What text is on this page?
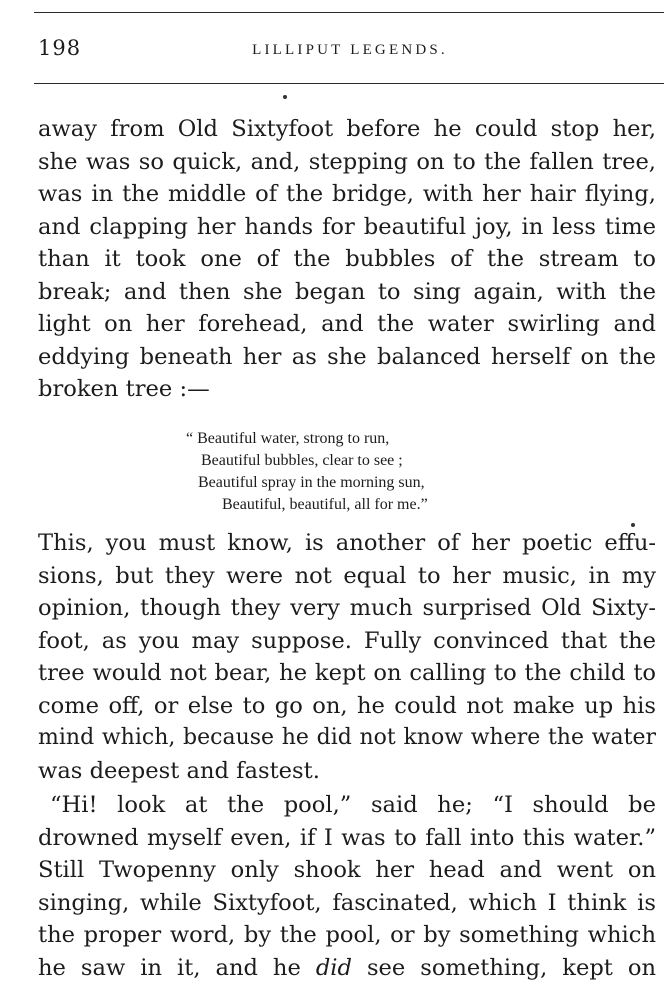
198	LILLIPUT LEGENDS.
away from Old Sixtyfoot before he could stop her,
she was so quick, and, stepping on to the fallen tree,
was in the middle of the bridge, with her hair flying,
and clapping her hands for beautiful joy, in less time
than it took one of the bubbles of the stream to
break; and then she began to sing again, with the
light on her forehead, and the water swirling and
eddying beneath her as she balanced herself on the
broken tree :—
“ Beautiful water, strong to run,
Beautiful bubbles, clear to see ;
Beautiful spray in the morning sun,
Beautiful, beautiful, all for me.”
This, you must know, is another of her poetic effu-
sions, but they were not equal to her music, in my
opinion, though they very much surprised Old Sixty-
foot, as you may suppose. Fully convinced that the
tree would not bear, he kept on calling to the child to
come off, or else to go on, he could not make up his
mind which, because he did not know where the water
was deepest and fastest.
“Hi! look at the pool,” said he; “I should be
drowned myself even, if I was to fall into this water.”
Still Twopenny only shook her head and went on
singing, while Sixtyfoot, fascinated, which I think is
the proper word, by the pool, or by something which
he saw in it, and he did see something, kept on
